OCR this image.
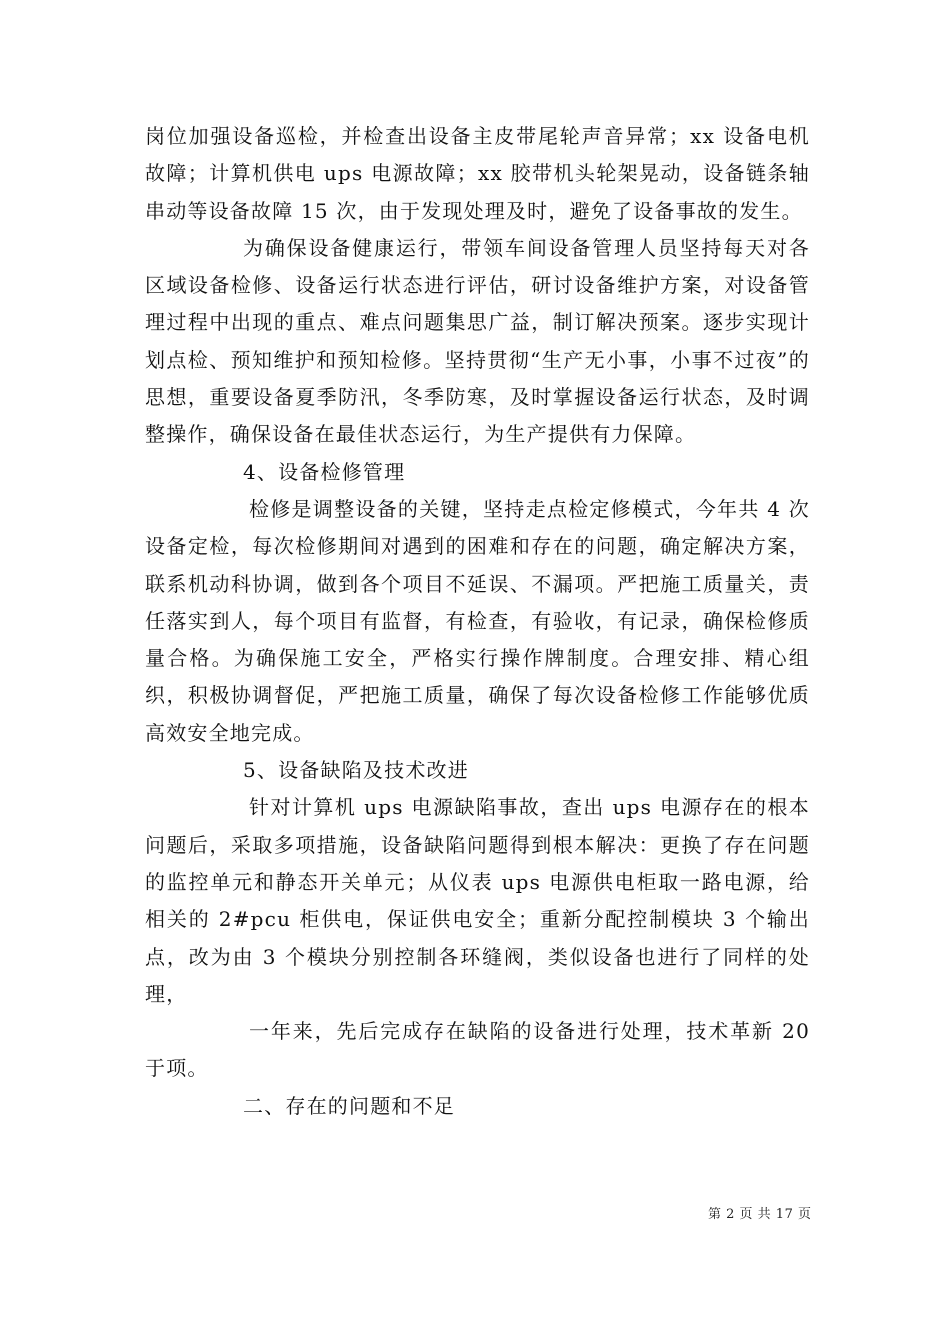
岗位加强设备巡检，并检查出设备主皮带尾轮声音异常；xx 设备电机故障；计算机供电 ups 电源故障；xx 胶带机头轮架晃动，设备链条轴串动等设备故障 15 次，由于发现处理及时，避免了设备事故的发生。

为确保设备健康运行，带领车间设备管理人员坚持每天对各区域设备检修、设备运行状态进行评估，研讨设备维护方案，对设备管理过程中出现的重点、难点问题集思广益，制订解决预案。逐步实现计划点检、预知维护和预知检修。坚持贯彻“生产无小事，小事不过夜”的思想，重要设备夏季防汛，冬季防寒，及时掌握设备运行状态，及时调整操作，确保设备在最佳状态运行，为生产提供有力保障。

4、设备检修管理

检修是调整设备的关键，坚持走点检定修模式，今年共 4 次设备定检，每次检修期间对遇到的困难和存在的问题，确定解决方案，联系机动科协调，做到各个项目不延误、不漏项。严把施工质量关，责任落实到人，每个项目有监督，有检查，有验收，有记录，确保检修质量合格。为确保施工安全，严格实行操作牌制度。合理安排、精心组织，积极协调督促，严把施工质量，确保了每次设备检修工作能够优质高效安全地完成。

5、设备缺陷及技术改进

针对计算机 ups 电源缺陷事故，查出 ups 电源存在的根本问题后，采取多项措施，设备缺陷问题得到根本解决：更换了存在问题的监控单元和静态开关单元；从仪表 ups 电源供电柜取一路电源，给相关的 2#pcu 柜供电，保证供电安全；重新分配控制模块 3 个输出点，改为由 3 个模块分别控制各环缝阀，类似设备也进行了同样的处理，

一年来，先后完成存在缺陷的设备进行处理，技术革新 20 于项。

二、存在的问题和不足

第 2 页 共 17 页
